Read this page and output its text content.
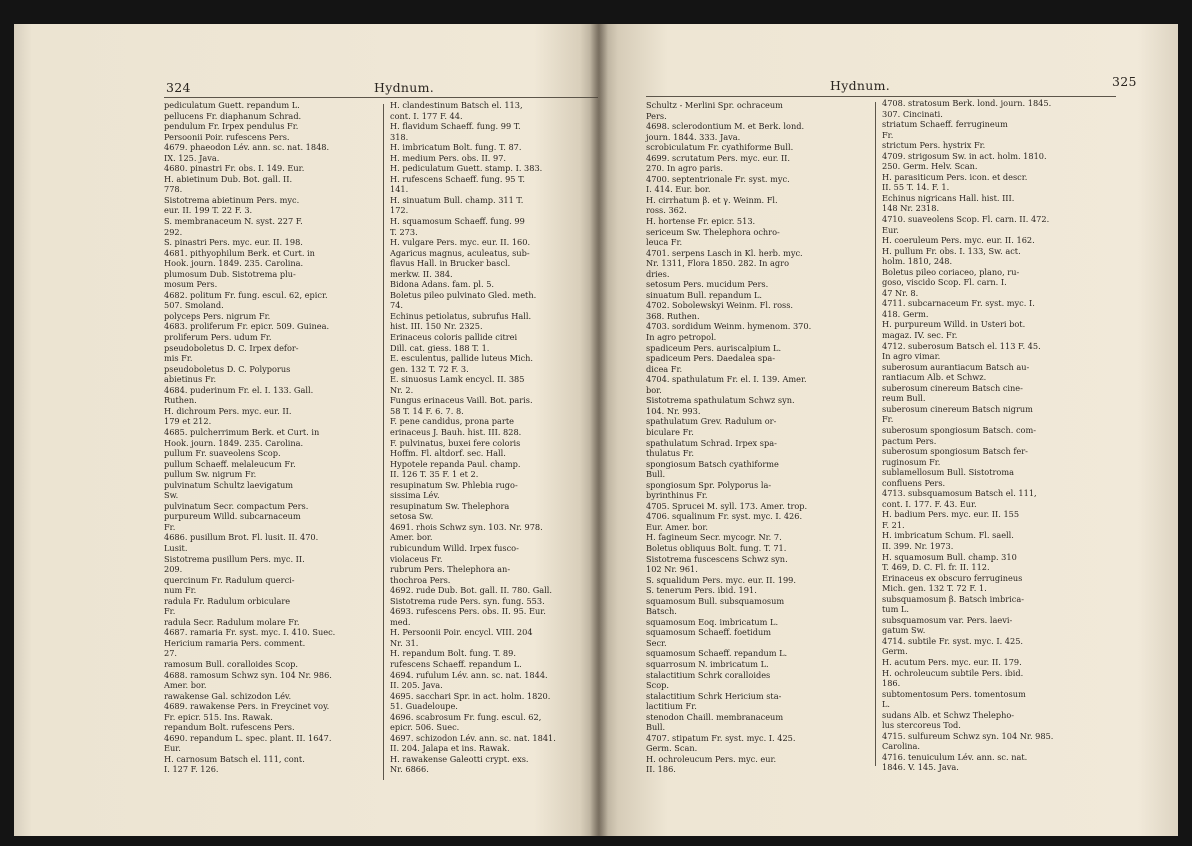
324	Hydnum.
pediculatum Guett. repandum L.
pellucens Fr. diaphanum Schrad.
pendulum Fr. Irpex pendulus Fr.
Persoonii Poir. rufescens Pers.
4679. phaeodon Lév. ann. sc. nat. 1848.
IX. 125. Java.
4680. pinastri Fr. obs. I. 149. Eur.
H. abietinum Dub. Bot. gall. II.
778.
Sistotrema abietinum Pers. myc.
eur. II. 199 T. 22 F. 3.
S. membranaceum N. syst. 227 F.
292.
S. pinastri Pers. myc. eur. II. 198.
4681. pithyophilum Berk. et Curt. in
Hook. journ. 1849. 235. Carolina.
plumosum Dub. Sistotrema plu-
mosum Pers.
4682. politum Fr. fung. escul. 62, epicr.
507. Smoland.
polyceps Pers. nigrum Fr.
4683. proliferum Fr. epicr. 509. Guinea.
proliferum Pers. udum Fr.
pseudoboletus D. C. Irpex defor-
mis Fr.
pseudoboletus D. C. Polyporus
abietinus Fr.
4684. puderinum Fr. el. I. 133. Gall.
Ruthen.
H. dichroum Pers. myc. eur. II.
179 et 212.
4685. pulcherrimum Berk. et Curt. in
Hook. journ. 1849. 235. Carolina.
pullum Fr. suaveolens Scop.
pullum Schaeff. melaleucum Fr.
pullum Sw. nigrum Fr.
pulvinatum Schultz laevigatum
Sw.
pulvinatum Secr. compactum Pers.
purpureum Willd. subcarnaceum
Fr.
4686. pusillum Brot. Fl. lusit. II. 470.
Lusit.
Sistotrema pusillum Pers. myc. II.
209.
quercinum Fr. Radulum querci-
num Fr.
radula Fr. Radulum orbiculare
Fr.
radula Secr. Radulum molare Fr.
4687. ramaria Fr. syst. myc. I. 410. Suec.
Hericium ramaria Pers. comment.
27.
ramosum Bull. coralloides Scop.
4688. ramosum Schwz syn. 104 Nr. 986.
Amer. bor.
rawakense Gal. schizodon Lév.
4689. rawakense Pers. in Freycinet voy.
Fr. epicr. 515. Ins. Rawak.
repandum Bolt. rufescens Pers.
4690. repandum L. spec. plant. II. 1647.
Eur.
H. carnosum Batsch el. 111, cont.
I. 127 F. 126.
H. clandestinum Batsch el. 113,
cont. I. 177 F. 44.
H. flavidum Schaeff. fung. 99 T.
318.
H. imbricatum Bolt. fung. T. 87.
H. medium Pers. obs. II. 97.
H. pediculatum Guett. stamp. I. 383.
H. rufescens Schaeff. fung. 95 T.
141.
H. sinuatum Bull. champ. 311 T.
172.
H. squamosum Schaeff. fung. 99
T. 273.
H. vulgare Pers. myc. eur. II. 160.
Agaricus magnus, aculeatus, sub-
flavus Hall. in Brucker bascl.
merkw. II. 384.
Bidona Adans. fam. pl. 5.
Boletus pileo pulvinato Gled. meth.
74.
Echinus petiolatus, subrufus Hall.
hist. III. 150 Nr. 2325.
Erinaceus coloris pallide citrei
Dill. cat. giess. 188 T. 1.
E. esculentus, pallide luteus Mich.
gen. 132 T. 72 F. 3.
E. sinuosus Lamk encycl. II. 385
Nr. 2.
Fungus erinaceus Vaill. Bot. paris.
58 T. 14 F. 6. 7. 8.
F. pene candidus, prona parte
erinaceus J. Bauh. hist. III. 828.
F. pulvinatus, buxei fere coloris
Hoffm. Fl. altdorf. sec. Hall.
Hypotele repanda Paul. champ.
II. 126 T. 35 F. 1 et 2.
resupinatum Sw. Phlebia rugo-
sissima Lév.
resupinatum Sw. Thelephora
setosa Sw.
4691. rhois Schwz syn. 103. Nr. 978.
Amer. bor.
rubicundum Willd. Irpex fusco-
violaceus Fr.
rubrum Pers. Thelephora an-
thochroa Pers.
4692. rude Dub. Bot. gall. II. 780. Gall.
Sistotrema rude Pers. syn. fung. 553.
4693. rufescens Pers. obs. II. 95. Eur.
med.
H. Persoonii Poir. encycl. VIII. 204
Nr. 31.
H. repandum Bolt. fung. T. 89.
rufescens Schaeff. repandum L.
4694. rufulum Lév. ann. sc. nat. 1844.
II. 205. Java.
4695. sacchari Spr. in act. holm. 1820.
51. Guadeloupe.
4696. scabrosum Fr. fung. escul. 62,
epicr. 506. Suec.
4697. schizodon Lév. ann. sc. nat. 1841.
II. 204. Jalapa et ins. Rawak.
H. rawakense Galeotti crypt. exs.
Nr. 6866.
Hydnum.	325
Schultz - Merlini Spr. ochraceum
Pers.
4698. sclerodontium M. et Berk. lond.
journ. 1844. 333. Java.
scrobiculatum Fr. cyathiforme Bull.
4699. scrutatum Pers. myc. eur. II.
270. In agro paris.
4700. septentrionale Fr. syst. myc.
I. 414. Eur. bor.
H. cirrhatum β. et γ. Weinm. Fl.
ross. 362.
H. hortense Fr. epicr. 513.
sericeum Sw. Thelephora ochro-
leuca Fr.
4701. serpens Lasch in Kl. herb. myc.
Nr. 1311, Flora 1850. 282. In agro
dries.
setosum Pers. mucidum Pers.
sinuatum Bull. repandum L.
4702. Sobolewskyi Weinm. Fl. ross.
368. Ruthen.
4703. sordidum Weinm. hymenom. 370.
In agro petropol.
spadiceum Pers. auriscalpium L.
spadiceum Pers. Daedalea spa-
dicea Fr.
4704. spathulatum Fr. el. I. 139. Amer.
bor.
Sistotrema spathulatum Schwz syn.
104. Nr. 993.
spathulatum Grev. Radulum or-
biculare Fr.
spathulatum Schrad. Irpex spa-
thulatus Fr.
spongiosum Batsch cyathiforme
Bull.
spongiosum Spr. Polyporus la-
byrinthinus Fr.
4705. Sprucei M. syll. 173. Amer. trop.
4706. squalinum Fr. syst. myc. I. 426.
Eur. Amer. bor.
H. fagineum Secr. mycogr. Nr. 7.
Boletus obliquus Bolt. fung. T. 71.
Sistotrema fuscescens Schwz syn.
102 Nr. 961.
S. squalidum Pers. myc. eur. II. 199.
S. tenerum Pers. ibid. 191.
squamosum Bull. subsquamosum
Batsch.
squamosum Eoq. imbricatum L.
squamosum Schaeff. foetidum
Secr.
squamosum Schaeff. repandum L.
squarrosum N. imbricatum L.
stalactitium Schrk coralloides
Scop.
stalactitium Schrk Hericium sta-
lactitium Fr.
stenodon Chaill. membranaceum
Bull.
4707. stipatum Fr. syst. myc. I. 425.
Germ. Scan.
H. ochroleucum Pers. myc. eur.
II. 186.
4708. stratosum Berk. lond. journ. 1845.
307. Cincinati.
striatum Schaeff. ferrugineum
Fr.
strictum Pers. hystrix Fr.
4709. strigosum Sw. in act. holm. 1810.
250. Germ. Helv. Scan.
H. parasiticum Pers. icon. et descr.
II. 55 T. 14. F. 1.
Echinus nigricans Hall. hist. III.
148 Nr. 2318.
4710. suaveolens Scop. Fl. carn. II. 472.
Eur.
H. coeruleum Pers. myc. eur. II. 162.
H. pullum Fr. obs. I. 133, Sw. act.
holm. 1810, 248.
Boletus pileo coriaceo, plano, ru-
goso, viscido Scop. Fl. carn. I.
47 Nr. 8.
4711. subcarnaceum Fr. syst. myc. I.
418. Germ.
H. purpureum Willd. in Usteri bot.
magaz. IV. sec. Fr.
4712. suberosum Batsch el. 113 F. 45.
In agro vimar.
suberosum aurantiacum Batsch au-
rantiacum Alb. et Schwz.
suberosum cinereum Batsch cine-
reum Bull.
suberosum cinereum Batsch nigrum
Fr.
suberosum spongiosum Batsch. com-
pactum Pers.
suberosum spongiosum Batsch fer-
ruginosum Fr.
sublamellosum Bull. Sistotroma
confluens Pers.
4713. subsquamosum Batsch el. 111,
cont. I. 177. F. 43. Eur.
H. badium Pers. myc. eur. II. 155
F. 21.
H. imbricatum Schum. Fl. saell.
II. 399. Nr. 1973.
H. squamosum Bull. champ. 310
T. 469, D. C. Fl. fr. II. 112.
Erinaceus ex obscuro ferrugineus
Mich. gen. 132 T. 72 F. 1.
subsquamosum β. Batsch imbrica-
tum L.
subsquamosum var. Pers. laevi-
gatum Sw.
4714. subtile Fr. syst. myc. I. 425.
Germ.
H. acutum Pers. myc. eur. II. 179.
H. ochroleucum subtile Pers. ibid.
186.
subtomentosum Pers. tomentosum
L.
sudans Alb. et Schwz Thelepho-
lus stercoreus Tod.
4715. sulfureum Schwz syn. 104 Nr. 985.
Carolina.
4716. tenuiculum Lév. ann. sc. nat.
1846. V. 145. Java.
